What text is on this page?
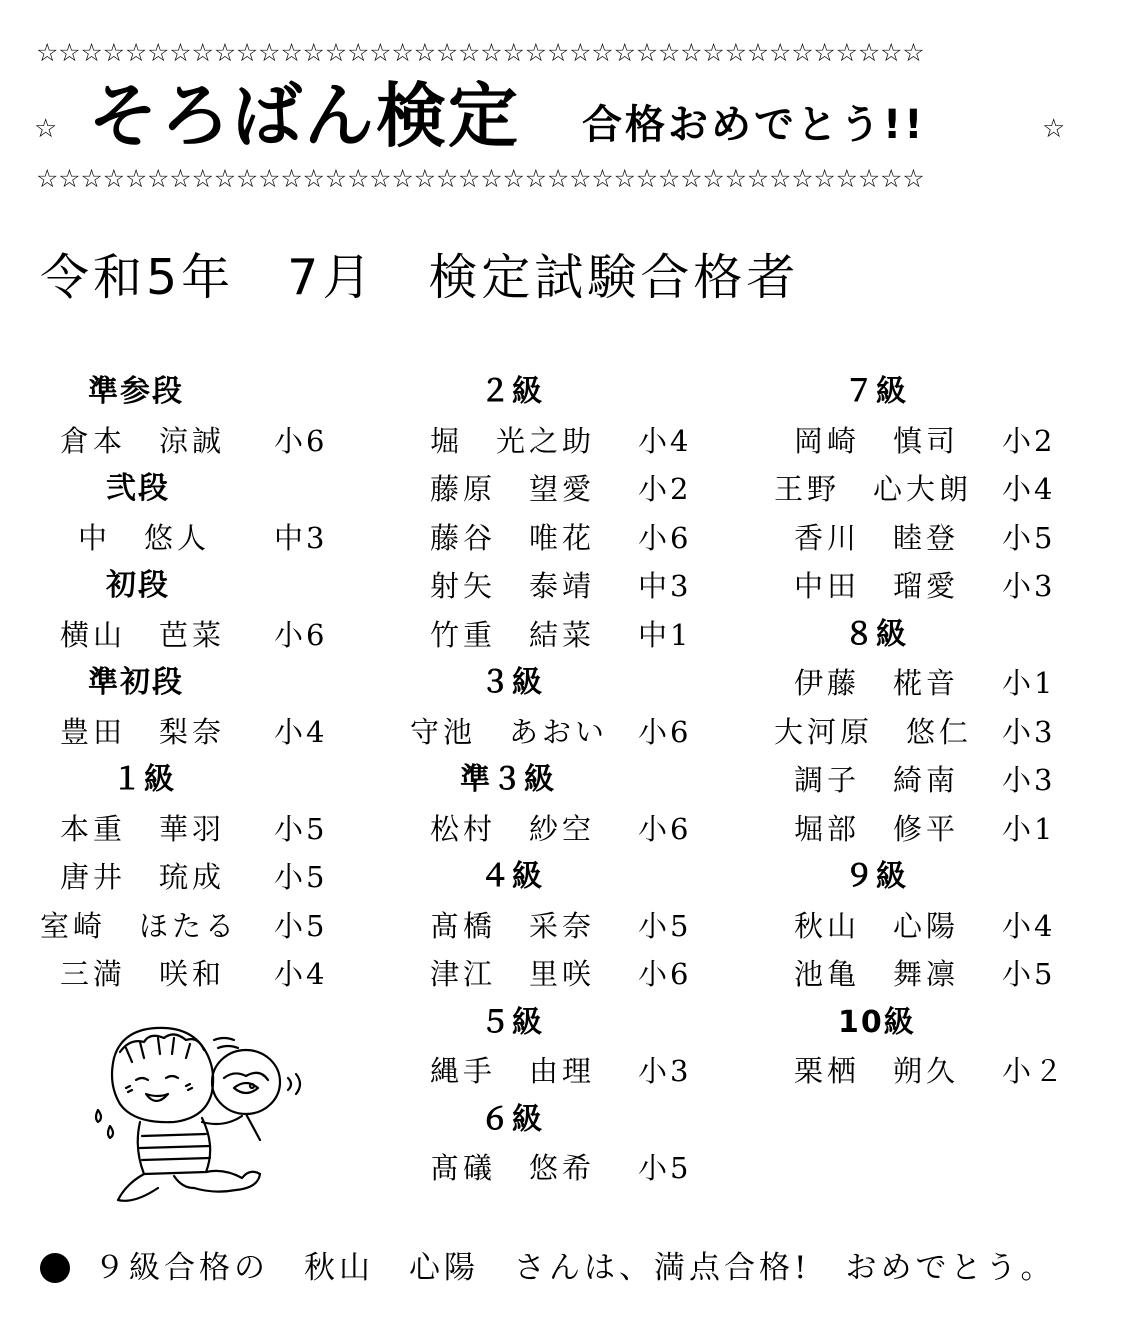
☆☆☆☆☆☆☆☆☆☆☆☆☆☆☆☆☆☆☆☆☆☆☆☆☆☆☆☆☆☆☆☆☆☆☆☆☆☆☆☆
☆ そろばん検定 合格おめでとう!!	☆
☆☆☆☆☆☆☆☆☆☆☆☆☆☆☆☆☆☆☆☆☆☆☆☆☆☆☆☆☆☆☆☆☆☆☆☆☆☆☆☆
令和5年　7月　検定試験合格者
準参段
倉本　涼誠 小6
弐段
中　悠人 中3
初段
横山　芭菜 小6
準初段
豊田　梨奈 小4
１級
本重　華羽 小5
唐井　琉成 小5
室崎　ほたる 小5
三満　咲和 小4
２級
堀　光之助 小4
藤原　望愛 小2
藤谷　唯花 小6
射矢　泰靖 中3
竹重　結菜 中1
３級
守池　あおい 小6
準３級
松村　紗空 小6
４級
髙橋　采奈 小5
津江　里咲 小6
５級
縄手　由理 小3
６級
髙礒　悠希 小5
７級
岡崎　慎司 小2
王野　心大朗 小4
香川　睦登 小5
中田　瑠愛 小3
８級
伊藤　椛音 小1
大河原　悠仁 小3
調子　綺南 小3
堀部　修平 小1
９級
秋山　心陽 小4
池亀　舞凛 小5
10級
栗栖　朔久 小２
９級合格の　秋山　心陽　さんは、満点合格!　おめでとう。
